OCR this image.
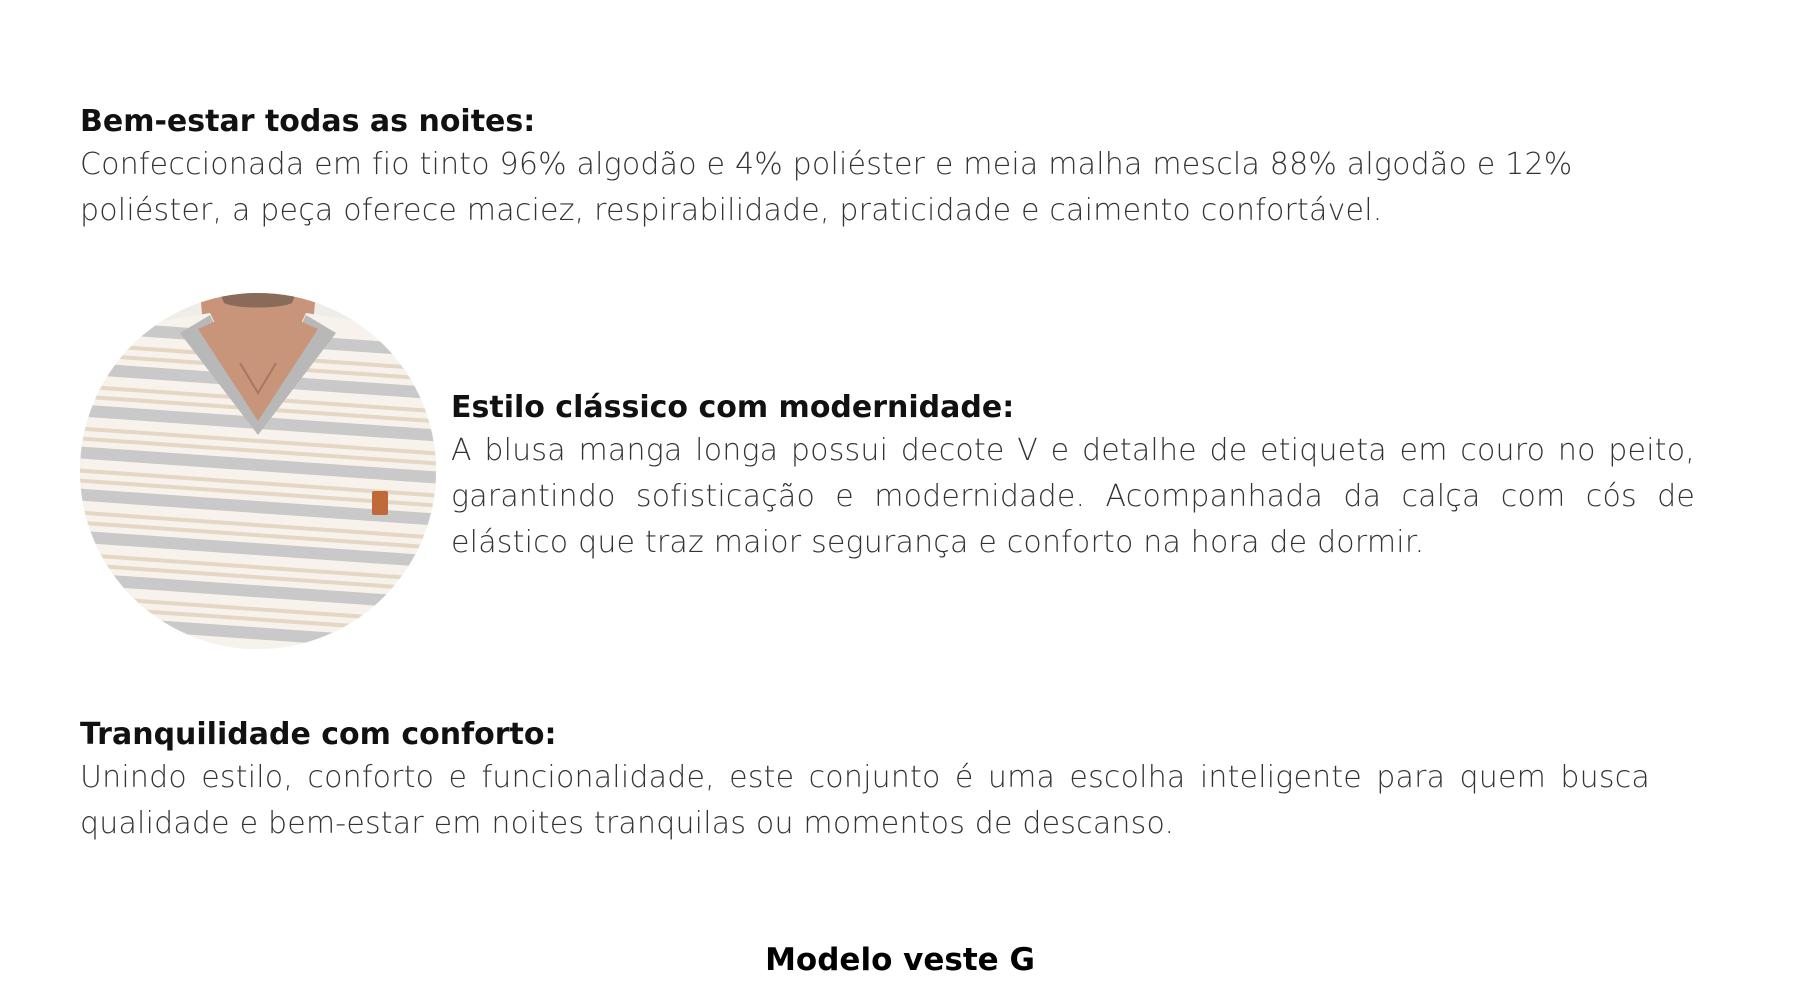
Bem-estar todas as noites:

Confeccionada em fio tinto 96% algodão e 4% poliéster e meia malha mescla 88% algodão e 12% poliéster, a peça oferece maciez, respirabilidade, praticidade e caimento confortável.

Estilo clássico com modernidade:

A blusa manga longa possui decote V e detalhe de etiqueta em couro no peito, garantindo sofisticação e modernidade. Acompanhada da calça com cós de elástico que traz maior segurança e conforto na hora de dormir.

Tranquilidade com conforto:

Unindo estilo, conforto e funcionalidade, este conjunto é uma escolha inteligente para quem busca qualidade e bem-estar em noites tranquilas ou momentos de descanso.

Modelo veste G
